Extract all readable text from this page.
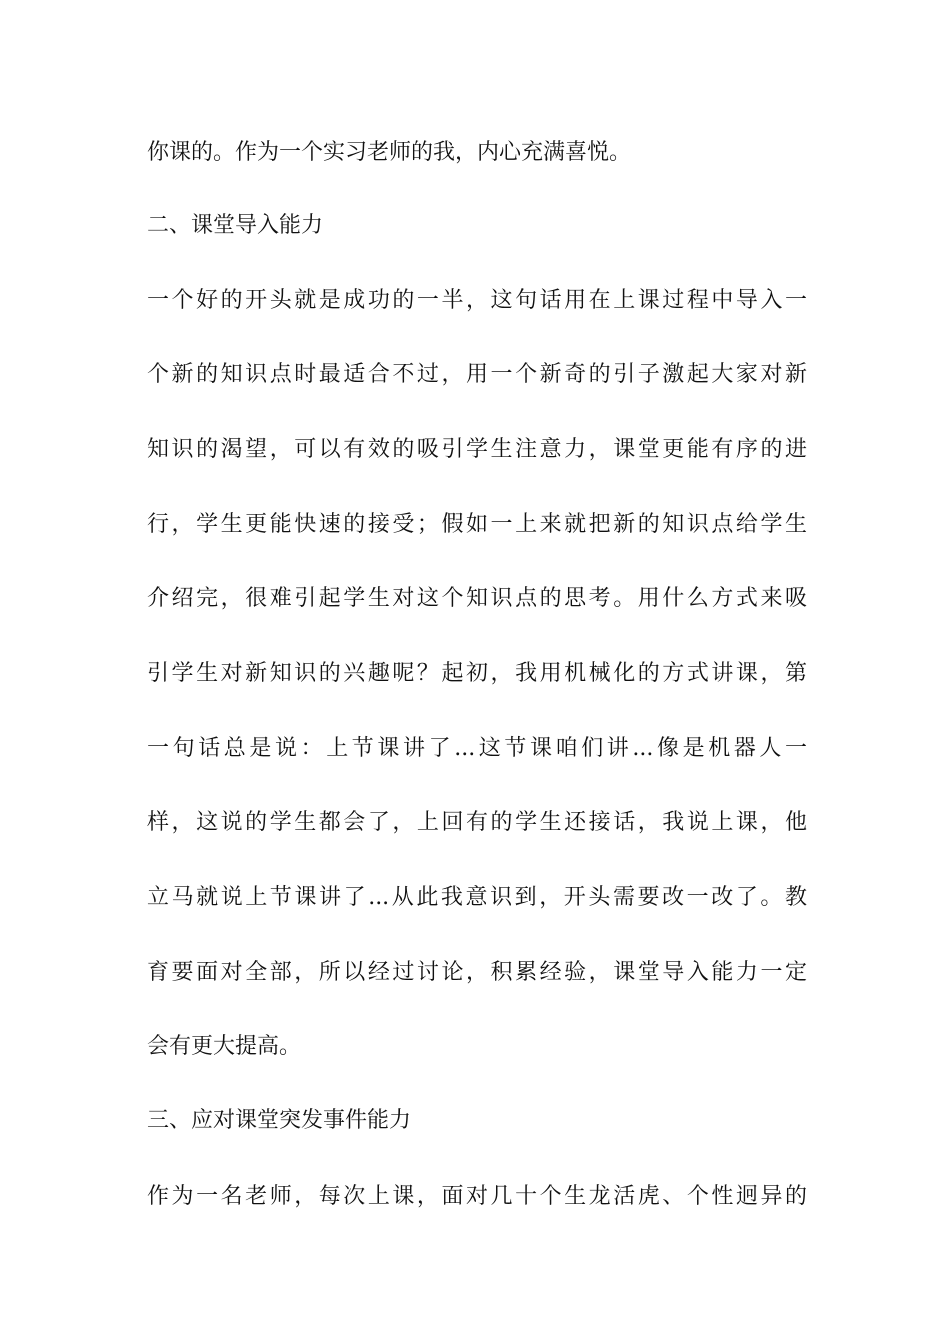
你课的。作为一个实习老师的我，内心充满喜悦。
二、课堂导入能力
一个好的开头就是成功的一半，这句话用在上课过程中导入一
个新的知识点时最适合不过，用一个新奇的引子激起大家对新
知识的渴望，可以有效的吸引学生注意力，课堂更能有序的进
行，学生更能快速的接受；假如一上来就把新的知识点给学生
介绍完，很难引起学生对这个知识点的思考。用什么方式来吸
引学生对新知识的兴趣呢？起初，我用机械化的方式讲课，第
一句话总是说：上节课讲了...这节课咱们讲...像是机器人一
样，这说的学生都会了，上回有的学生还接话，我说上课，他
立马就说上节课讲了...从此我意识到，开头需要改一改了。教
育要面对全部，所以经过讨论，积累经验，课堂导入能力一定
会有更大提高。
三、应对课堂突发事件能力
作为一名老师，每次上课，面对几十个生龙活虎、个性迥异的
